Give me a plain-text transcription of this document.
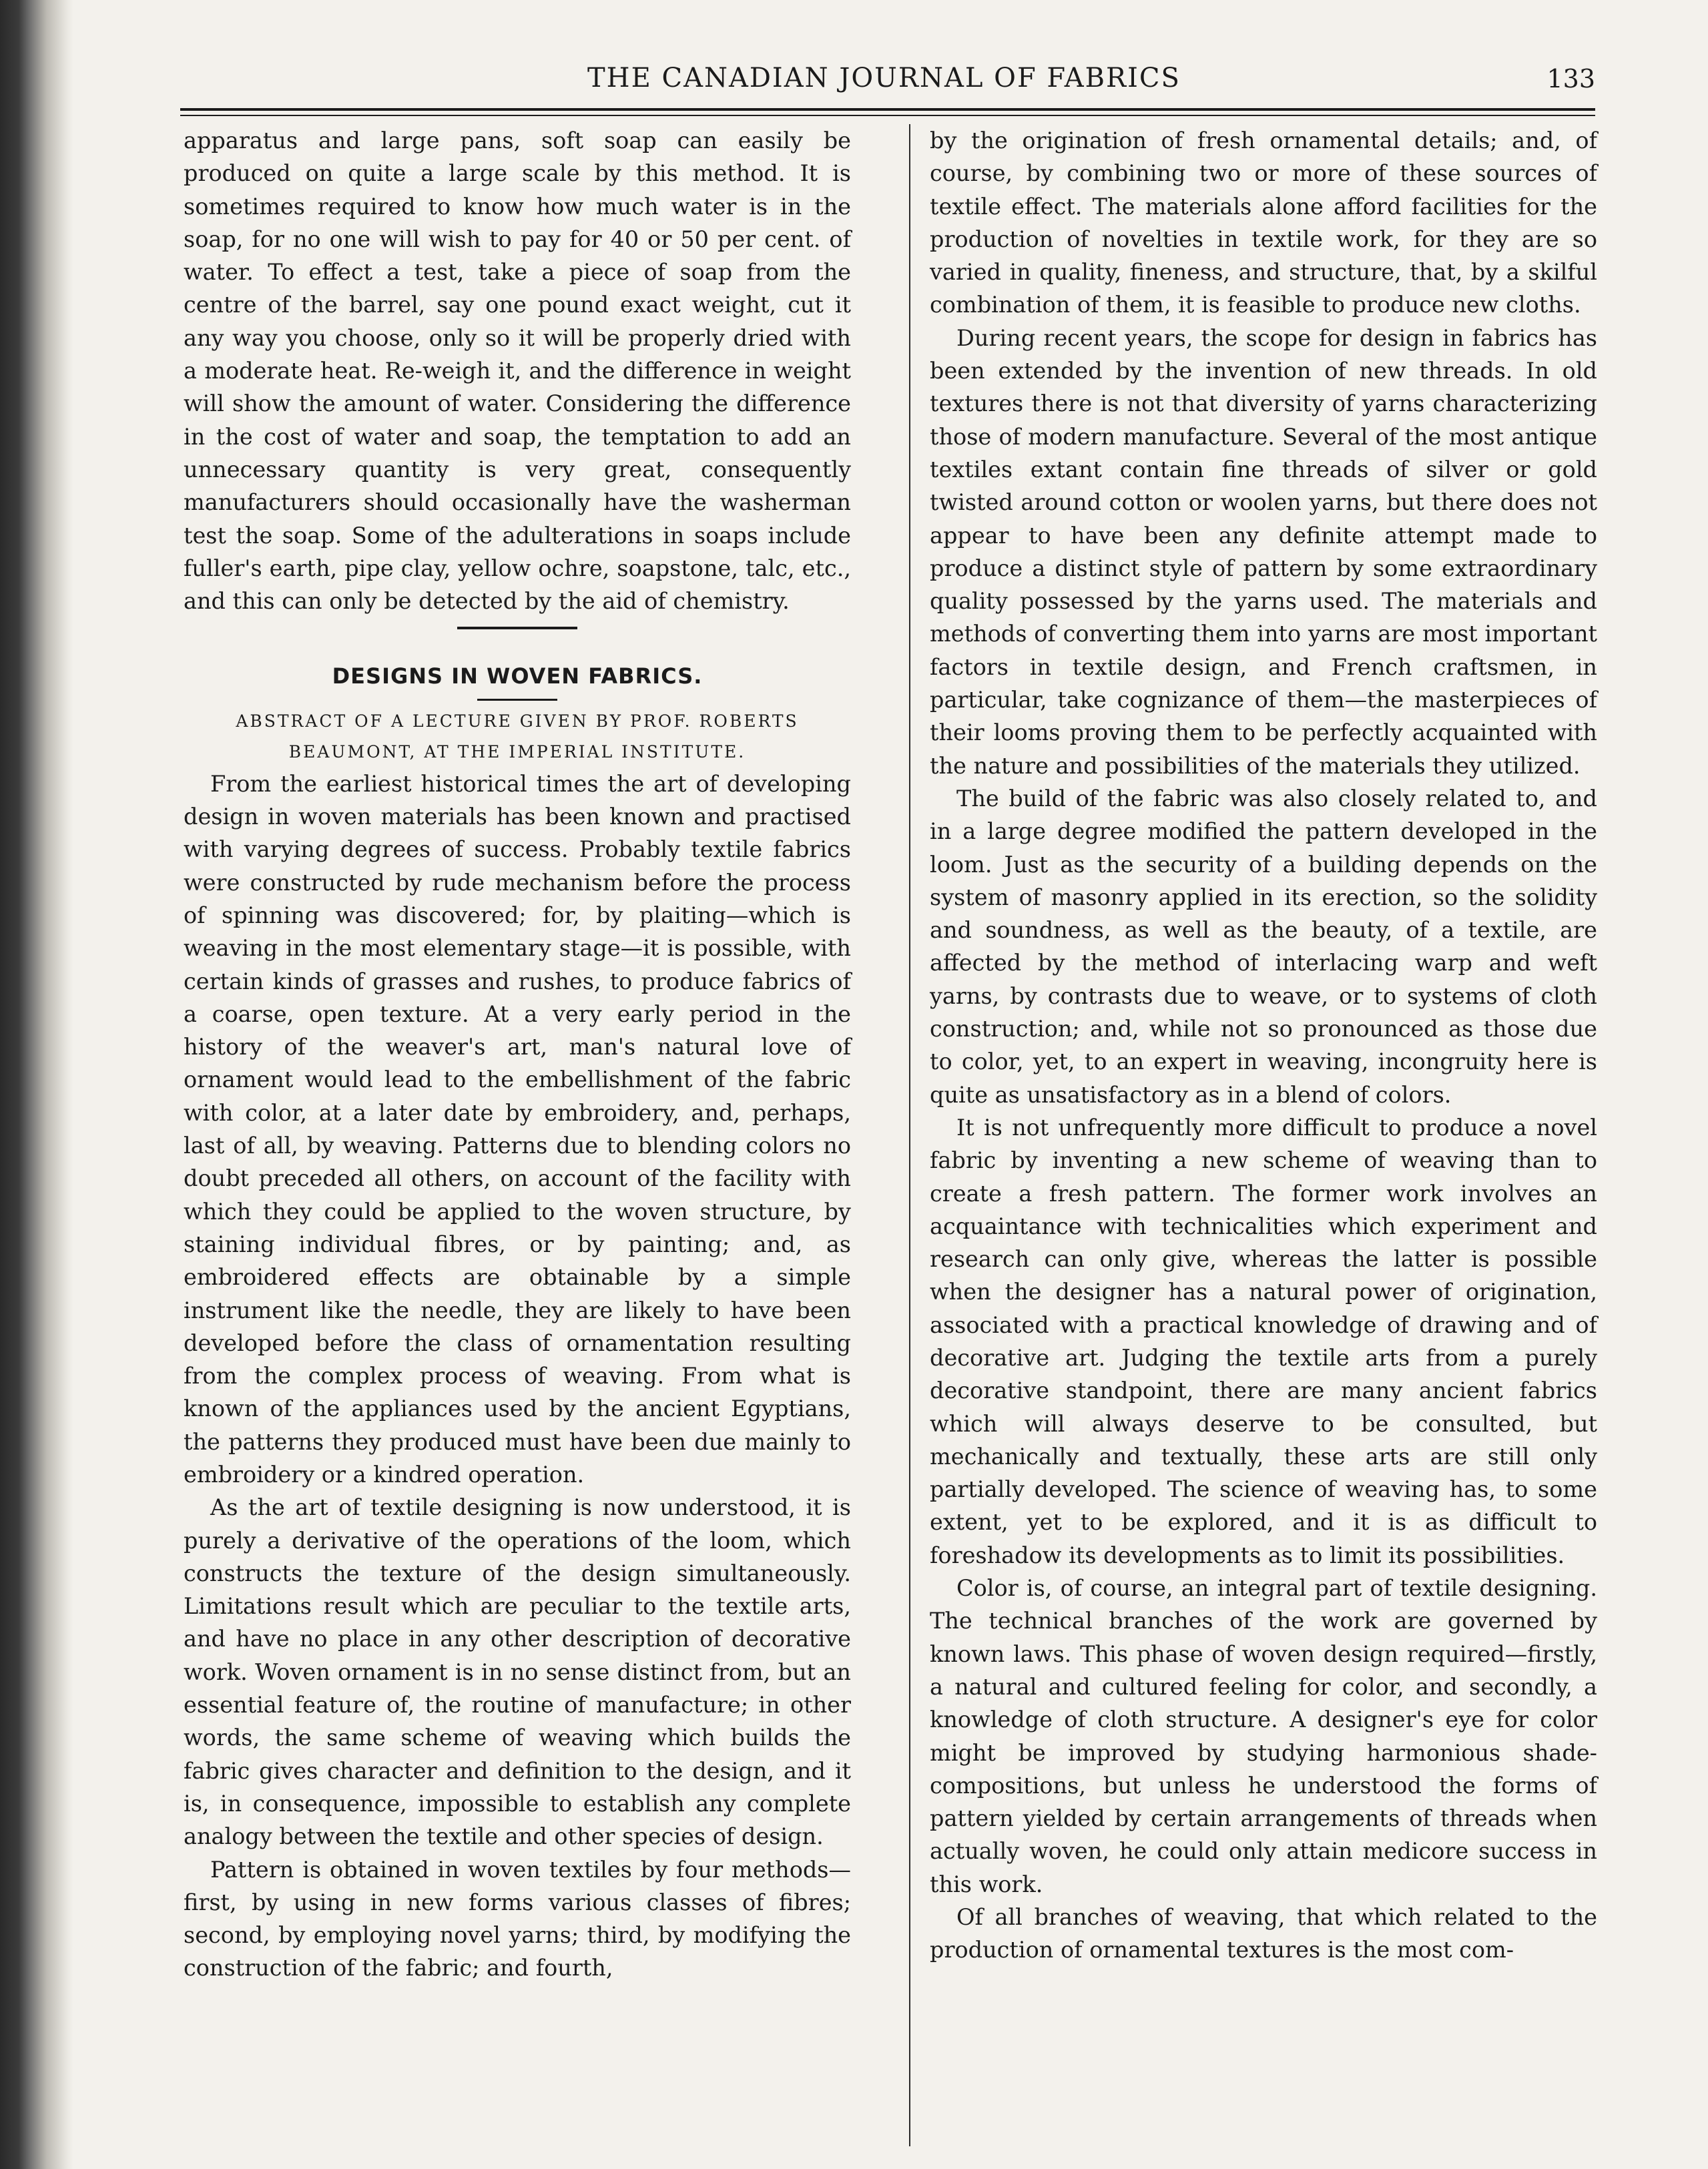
THE CANADIAN JOURNAL OF FABRICS	133

apparatus and large pans, soft soap can easily be produced on quite a large scale by this method. It is sometimes required to know how much water is in the soap, for no one will wish to pay for 40 or 50 per cent. of water. To effect a test, take a piece of soap from the centre of the barrel, say one pound exact weight, cut it any way you choose, only so it will be properly dried with a moderate heat. Re-weigh it, and the difference in weight will show the amount of water. Considering the difference in the cost of water and soap, the temptation to add an unnecessary quantity is very great, consequently manufacturers should occasionally have the washerman test the soap. Some of the adulterations in soaps include fuller's earth, pipe clay, yellow ochre, soapstone, talc, etc., and this can only be detected by the aid of chemistry.

DESIGNS IN WOVEN FABRICS.
ABSTRACT OF A LECTURE GIVEN BY PROF. ROBERTS BEAUMONT, AT THE IMPERIAL INSTITUTE.

From the earliest historical times the art of developing design in woven materials has been known and practised with varying degrees of success. Probably textile fabrics were constructed by rude mechanism before the process of spinning was discovered; for, by plaiting—which is weaving in the most elementary stage—it is possible, with certain kinds of grasses and rushes, to produce fabrics of a coarse, open texture. At a very early period in the history of the weaver's art, man's natural love of ornament would lead to the embellishment of the fabric with color, at a later date by embroidery, and, perhaps, last of all, by weaving. Patterns due to blending colors no doubt preceded all others, on account of the facility with which they could be applied to the woven structure, by staining individual fibres, or by painting; and, as embroidered effects are obtainable by a simple instrument like the needle, they are likely to have been developed before the class of ornamentation resulting from the complex process of weaving. From what is known of the appliances used by the ancient Egyptians, the patterns they produced must have been due mainly to embroidery or a kindred operation.

As the art of textile designing is now understood, it is purely a derivative of the operations of the loom, which constructs the texture of the design simultaneously. Limitations result which are peculiar to the textile arts, and have no place in any other description of decorative work. Woven ornament is in no sense distinct from, but an essential feature of, the routine of manufacture; in other words, the same scheme of weaving which builds the fabric gives character and definition to the design, and it is, in consequence, impossible to establish any complete analogy between the textile and other species of design.

Pattern is obtained in woven textiles by four methods—first, by using in new forms various classes of fibres; second, by employing novel yarns; third, by modifying the construction of the fabric; and fourth,

by the origination of fresh ornamental details; and, of course, by combining two or more of these sources of textile effect. The materials alone afford facilities for the production of novelties in textile work, for they are so varied in quality, fineness, and structure, that, by a skilful combination of them, it is feasible to produce new cloths.

During recent years, the scope for design in fabrics has been extended by the invention of new threads. In old textures there is not that diversity of yarns characterizing those of modern manufacture. Several of the most antique textiles extant contain fine threads of silver or gold twisted around cotton or woolen yarns, but there does not appear to have been any definite attempt made to produce a distinct style of pattern by some extraordinary quality possessed by the yarns used. The materials and methods of converting them into yarns are most important factors in textile design, and French craftsmen, in particular, take cognizance of them—the masterpieces of their looms proving them to be perfectly acquainted with the nature and possibilities of the materials they utilized.

The build of the fabric was also closely related to, and in a large degree modified the pattern developed in the loom. Just as the security of a building depends on the system of masonry applied in its erection, so the solidity and soundness, as well as the beauty, of a textile, are affected by the method of interlacing warp and weft yarns, by contrasts due to weave, or to systems of cloth construction; and, while not so pronounced as those due to color, yet, to an expert in weaving, incongruity here is quite as unsatisfactory as in a blend of colors.

It is not unfrequently more difficult to produce a novel fabric by inventing a new scheme of weaving than to create a fresh pattern. The former work involves an acquaintance with technicalities which experiment and research can only give, whereas the latter is possible when the designer has a natural power of origination, associated with a practical knowledge of drawing and of decorative art. Judging the textile arts from a purely decorative standpoint, there are many ancient fabrics which will always deserve to be consulted, but mechanically and textually, these arts are still only partially developed. The science of weaving has, to some extent, yet to be explored, and it is as difficult to foreshadow its developments as to limit its possibilities.

Color is, of course, an integral part of textile designing. The technical branches of the work are governed by known laws. This phase of woven design required—firstly, a natural and cultured feeling for color, and secondly, a knowledge of cloth structure. A designer's eye for color might be improved by studying harmonious shade-compositions, but unless he understood the forms of pattern yielded by certain arrangements of threads when actually woven, he could only attain medicore success in this work.

Of all branches of weaving, that which related to the production of ornamental textures is the most com-
